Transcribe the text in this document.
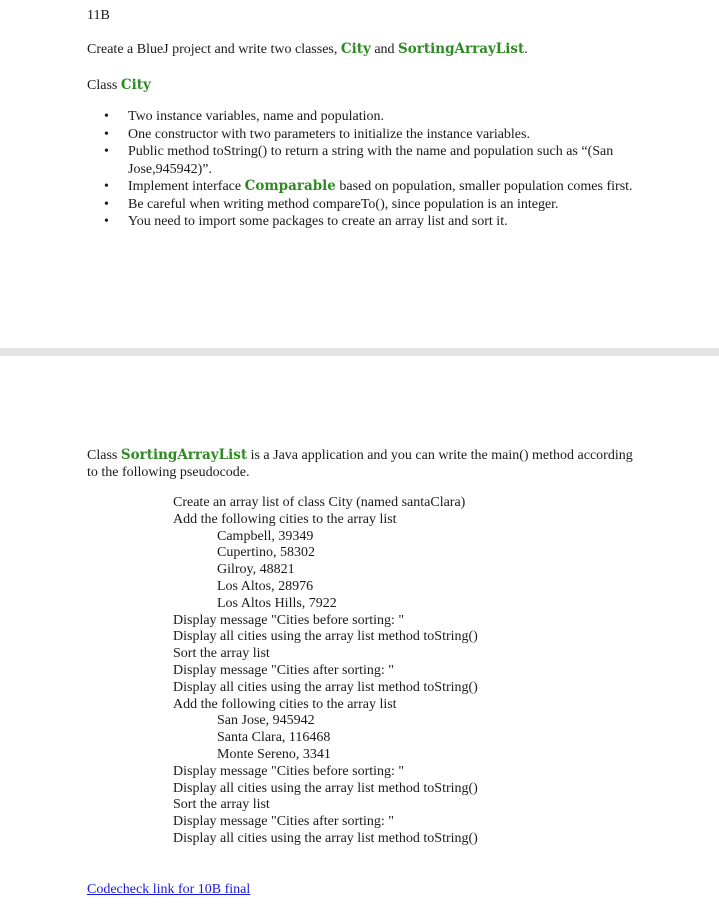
11B
Create a BlueJ project and write two classes, City and SortingArrayList.
Class City
• Two instance variables, name and population.
• One constructor with two parameters to initialize the instance variables.
• Public method toString() to return a string with the name and population such as “(San
Jose,945942)”.
• Implement interface Comparable based on population, smaller population comes first.
• Be careful when writing method compareTo(), since population is an integer.
• You need to import some packages to create an array list and sort it.
Class SortingArrayList is a Java application and you can write the main() method according
to the following pseudocode.
Create an array list of class City (named santaClara)
Add the following cities to the array list
Campbell, 39349
Cupertino, 58302
Gilroy, 48821
Los Altos, 28976
Los Altos Hills, 7922
Display message "Cities before sorting: "
Display all cities using the array list method toString()
Sort the array list
Display message "Cities after sorting: "
Display all cities using the array list method toString()
Add the following cities to the array list
San Jose, 945942
Santa Clara, 116468
Monte Sereno, 3341
Display message "Cities before sorting: "
Display all cities using the array list method toString()
Sort the array list
Display message "Cities after sorting: "
Display all cities using the array list method toString()
Codecheck link for 10B final
